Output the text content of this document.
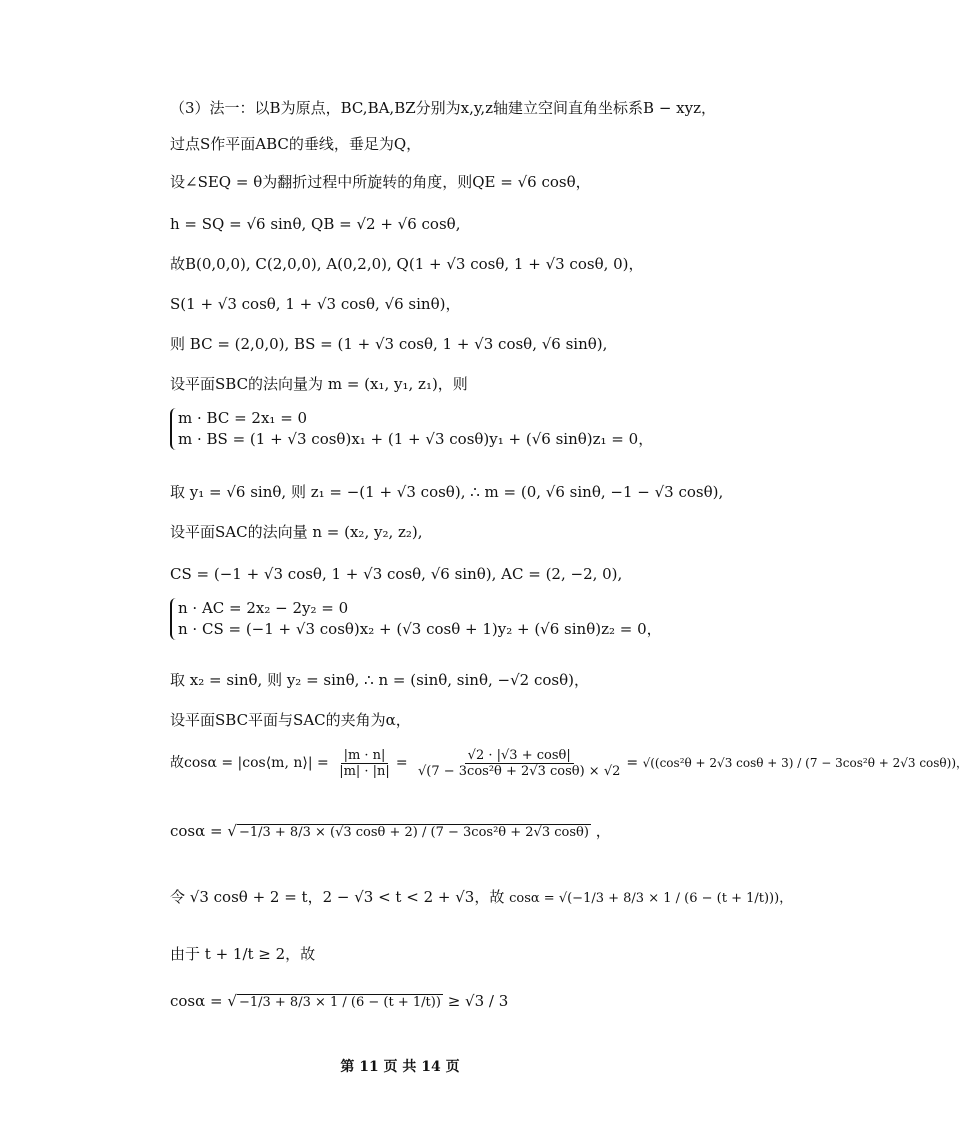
（3）法一：以B为原点，BC,BA,BZ分别为x,y,z轴建立空间直角坐标系B − xyz，
过点S作平面ABC的垂线，垂足为Q，
设∠SEQ = θ为翻折过程中所旋转的角度，则QE = √6 cosθ，
h = SQ = √6 sinθ, QB = √2 + √6 cosθ,
故B(0,0,0), C(2,0,0), A(0,2,0), Q(1 + √3 cosθ, 1 + √3 cosθ, 0)，
S(1 + √3 cosθ, 1 + √3 cosθ, √6 sinθ)，
则 BC = (2,0,0), BS = (1 + √3 cosθ, 1 + √3 cosθ, √6 sinθ),
设平面SBC的法向量为 m = (x₁, y₁, z₁)，则
m · BC = 2x₁ = 0
m · BS = (1 + √3 cosθ)x₁ + (1 + √3 cosθ)y₁ + (√6 sinθ)z₁ = 0，
取 y₁ = √6 sinθ, 则 z₁ = −(1 + √3 cosθ), ∴ m = (0, √6 sinθ, −1 − √3 cosθ),
设平面SAC的法向量 n = (x₂, y₂, z₂),
CS = (−1 + √3 cosθ, 1 + √3 cosθ, √6 sinθ), AC = (2, −2, 0),
n · AC = 2x₂ − 2y₂ = 0
n · CS = (−1 + √3 cosθ)x₂ + (√3 cosθ + 1)y₂ + (√6 sinθ)z₂ = 0，
取 x₂ = sinθ, 则 y₂ = sinθ, ∴ n = (sinθ, sinθ, −√2 cosθ)，
设平面SBC平面与SAC的夹角为α，
故cosα = |cos⟨m, n⟩| = $\frac{|m \cdot n|}{|m| \cdot |n|} = \frac{√2 \cdot |√3 + \cos\theta|}{\text{√(7 − 3cos²θ + 2√3 cosθ) × √2}} = √((\cos^2\theta + 2√3$ cosθ + 3) / (7 − 3cos²θ + 2√3 cosθ))，
cosα = √ −1/3 + 8/3 × (√3 cosθ + 2) / (7 − 3cos²θ + 2√3 cosθ) ，
令 √3 cosθ + 2 = t，2 − √3 < t < 2 + √3，故 cosα = √(−1/3 + 8/3 × 1 / (6 − (t + 1/t)))，
由于 t + 1/t ≥ 2，故
cosα = √ −1/3 + 8/3 × 1 / (6 − (t + 1/t)) ≥ √3 / 3
第 11 页 共 14 页
